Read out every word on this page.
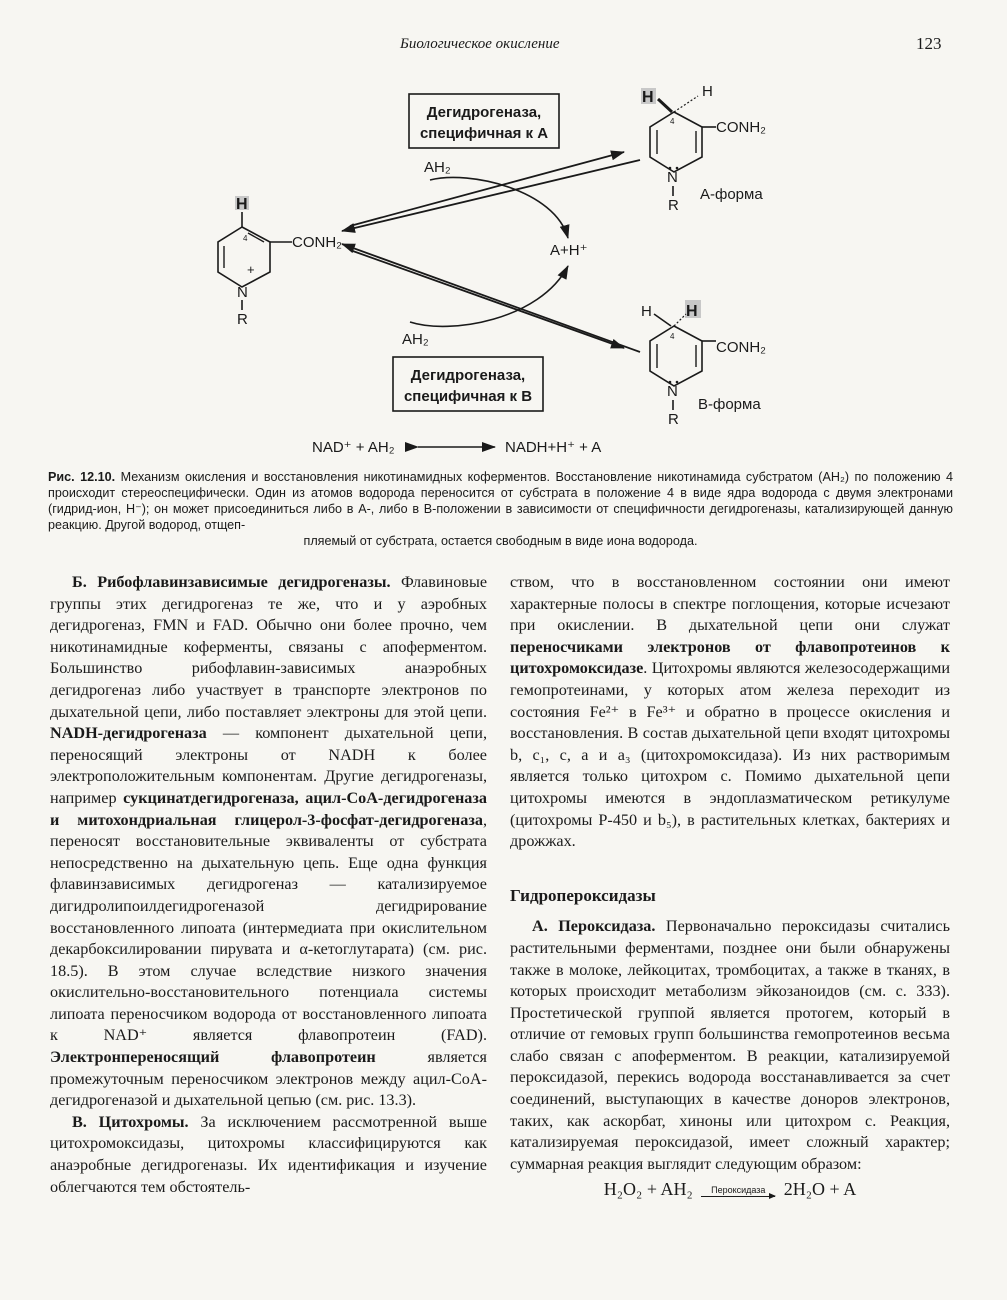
Биологическое окисление	123
Дегидрогеназа,
специфичная к А
Дегидрогеназа,
специфичная к В
AH₂
AH₂
A+H⁺
H
4	CONH₂
+
N
R
H	H
4	CONH₂
N
R
А-форма
H H
4
CONH₂
N
R
В-форма
NAD⁺ + AH₂	NADH+H⁺ + A
Рис. 12.10. Механизм окисления и восстановления никотинамидных коферментов. Восстановление никотинамида субстратом (AH₂) по положению 4 происходит стереоспецифически. Один из атомов водорода переносится от субстрата в положение 4 в виде ядра водорода с двумя электронами (гидрид-ион, H⁻); он может присоединиться либо в А-, либо в В-положении в зависимости от специфичности дегидрогеназы, катализирующей данную реакцию. Другой водород, отщеп-
пляемый от субстрата, остается свободным в виде иона водорода.

Б. Рибофлавинзависимые дегидрогеназы. Флавиновые группы этих дегидрогеназ те же, что и у аэробных дегидрогеназ, FMN и FAD. Обычно они более прочно, чем никотинамидные коферменты, связаны с апоферментом. Большинство рибофлавин-зависимых анаэробных дегидрогеназ либо участвует в транспорте электронов по дыхательной цепи, либо поставляет электроны для этой цепи. NADH-дегидрогеназа — компонент дыхательной цепи, переносящий электроны от NADH к более электроположительным компонентам. Другие дегидрогеназы, например сукцинатдегидрогеназа, ацил-CoA-дегидрогеназа и митохондриальная глицерол-3-фосфат-дегидрогеназа, переносят восстановительные эквиваленты от субстрата непосредственно на дыхательную цепь. Еще одна функция флавинзависимых дегидрогеназ — катализируемое дигидролипоилдегидрогеназой дегидрирование восстановленного липоата (интермедиата при окислительном декарбоксилировании пирувата и α-кетоглутарата) (см. рис. 18.5). В этом случае вследствие низкого значения окислительно-восстановительного потенциала системы липоата переносчиком водорода от восстановленного липоата к NAD⁺ является флавопротеин (FAD). Электронпереносящий флавопротеин является промежуточным переносчиком электронов между ацил-CoA-дегидрогеназой и дыхательной цепью (см. рис. 13.3).

В. Цитохромы. За исключением рассмотренной выше цитохромоксидазы, цитохромы классифицируются как анаэробные дегидрогеназы. Их идентификация и изучение облегчаются тем обстоятель-

ством, что в восстановленном состоянии они имеют характерные полосы в спектре поглощения, которые исчезают при окислении. В дыхательной цепи они служат переносчиками электронов от флавопротеинов к цитохромоксидазе. Цитохромы являются железосодержащими гемопротеинами, у которых атом железа переходит из состояния Fe²⁺ в Fe³⁺ и обратно в процессе окисления и восстановления. В состав дыхательной цепи входят цитохромы b, c₁, c, a и a₃ (цитохромоксидаза). Из них растворимым является только цитохром c. Помимо дыхательной цепи цитохромы имеются в эндоплазматическом ретикулуме (цитохромы P-450 и b₅), в растительных клетках, бактериях и дрожжах.

Гидропероксидазы

А. Пероксидаза. Первоначально пероксидазы считались растительными ферментами, позднее они были обнаружены также в молоке, лейкоцитах, тромбоцитах, а также в тканях, в которых происходит метаболизм эйкозаноидов (см. с. 333). Простетической группой является протогем, который в отличие от гемовых групп большинства гемопротеинов весьма слабо связан с апоферментом. В реакции, катализируемой пероксидазой, перекись водорода восстанавливается за счет соединений, выступающих в качестве доноров электронов, таких, как аскорбат, хиноны или цитохром c. Реакция, катализируемая пероксидазой, имеет сложный характер; суммарная реакция выглядит следующим образом:

H₂O₂ + AH₂	Пероксидаза	2H₂O + A
